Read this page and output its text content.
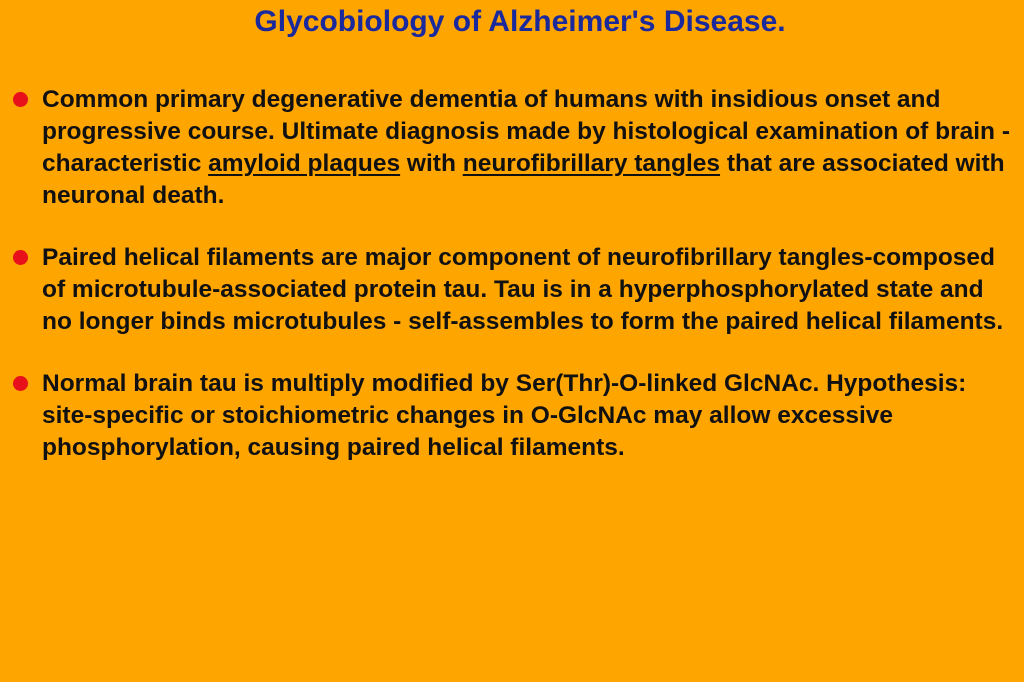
Glycobiology of Alzheimer's Disease.
Common primary degenerative dementia of humans with insidious onset and progressive course. Ultimate diagnosis made by histological examination of brain - characteristic amyloid plaques with neurofibrillary tangles that are associated with neuronal death.
Paired helical filaments are major component of neurofibrillary tangles-composed of microtubule-associated protein tau. Tau is in a hyperphosphorylated state and no longer binds microtubules - self-assembles to form the paired helical filaments.
Normal brain tau is multiply modified by Ser(Thr)-O-linked GlcNAc. Hypothesis: site-specific or stoichiometric changes in O-GlcNAc may allow excessive phosphorylation, causing paired helical filaments.
